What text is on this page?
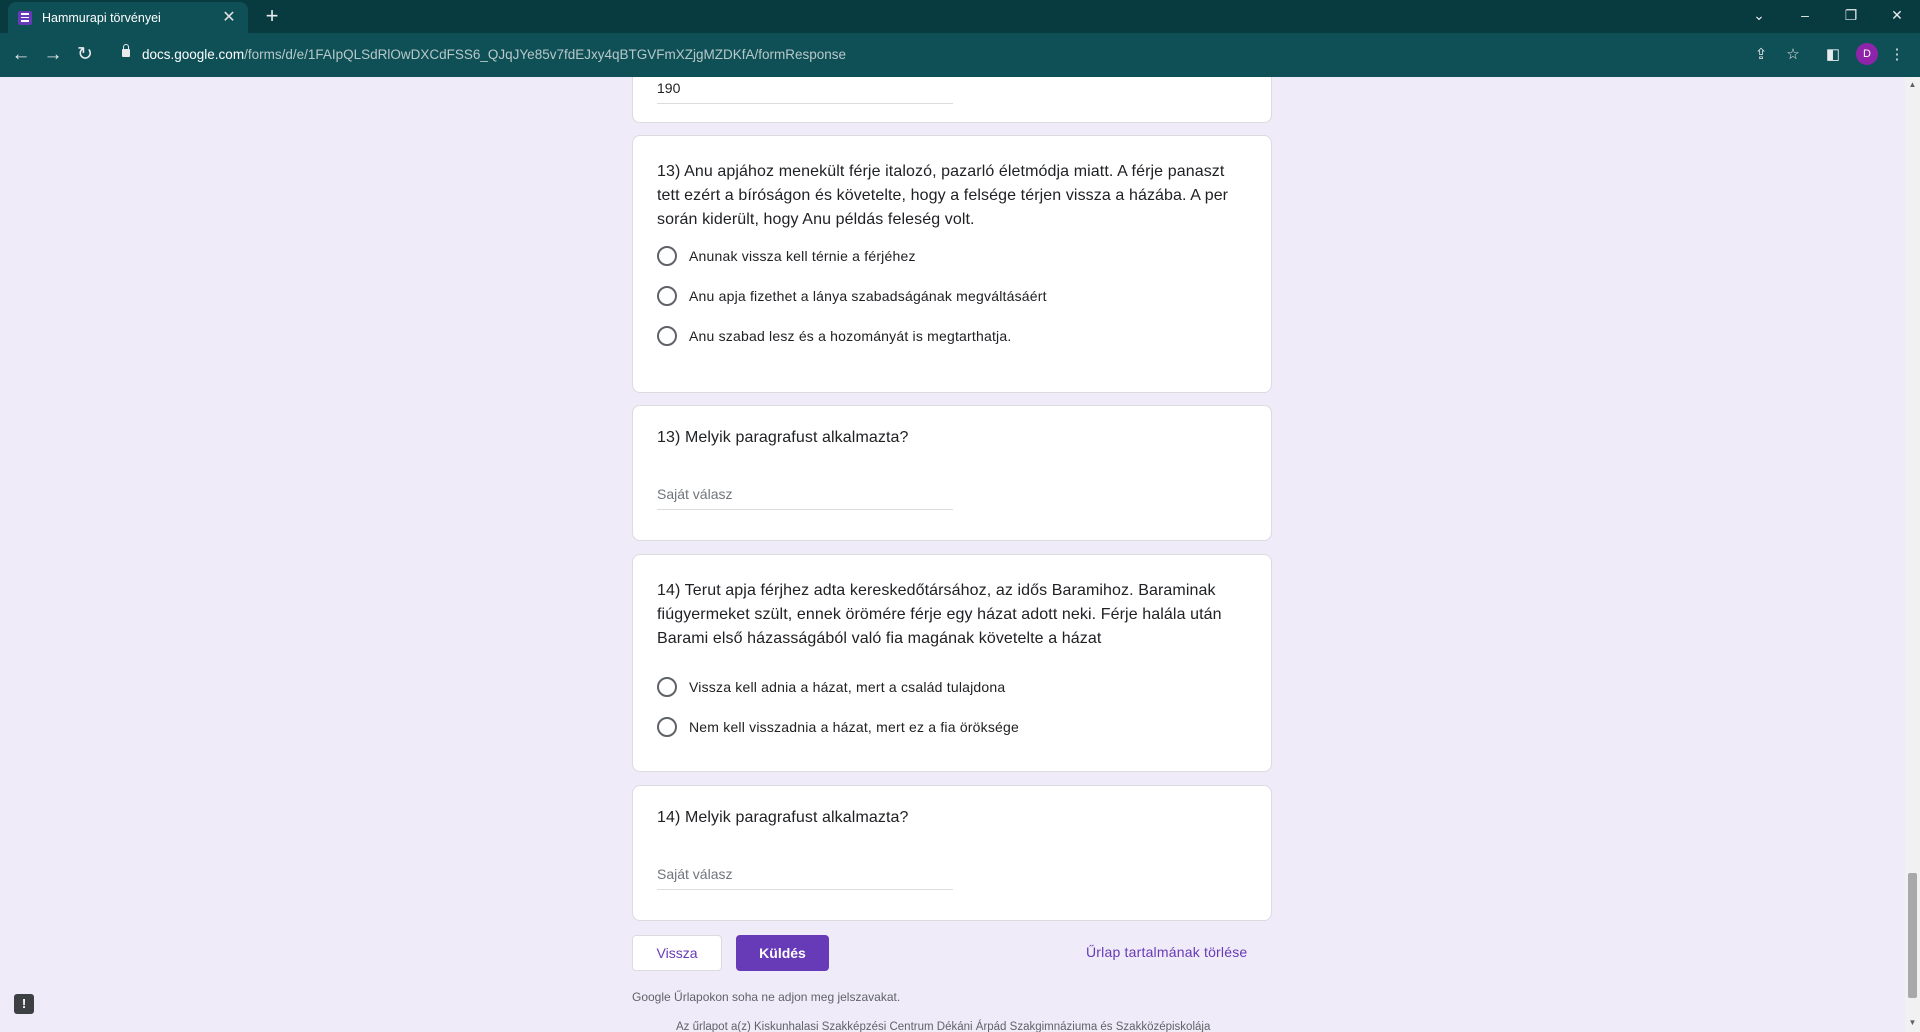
Hammurapi törvényei	✕ +	⌄	–	❐	✕
← → ↻	docs.google.com/forms/d/e/1FAIpQLSdRlOwDXCdFSS6_QJqJYe85v7fdEJxy4qBTGVFmXZjgMZDKfA/formResponse	⇪	☆ ◧	⋮
D
190
13) Anu apjához menekült férje italozó, pazarló életmódja miatt. A férje panaszt tett ezért a bíróságon és követelte, hogy a felsége térjen vissza a házába. A per során kiderült, hogy Anu példás feleség volt.
Anunak vissza kell térnie a férjéhez
Anu apja fizethet a lánya szabadságának megváltásáért
Anu szabad lesz és a hozományát is megtarthatja.
13) Melyik paragrafust alkalmazta?
Saját válasz
14) Terut apja férjhez adta kereskedőtársához, az idős Baramihoz. Baraminak fiúgyermeket szült, ennek örömére férje egy házat adott neki. Férje halála után Barami első házasságából való fia magának követelte a házat
Vissza kell adnia a házat, mert a család tulajdona
Nem kell visszadnia a házat, mert ez a fia öröksége
14) Melyik paragrafust alkalmazta?
Saját válasz
Vissza	Küldés	Űrlap tartalmának törlése
Google Űrlapokon soha ne adjon meg jelszavakat.
Az űrlapot a(z) Kiskunhalasi Szakképzési Centrum Dékáni Árpád Szakgimnáziuma és Szakközépiskolája
!
▲
▼
